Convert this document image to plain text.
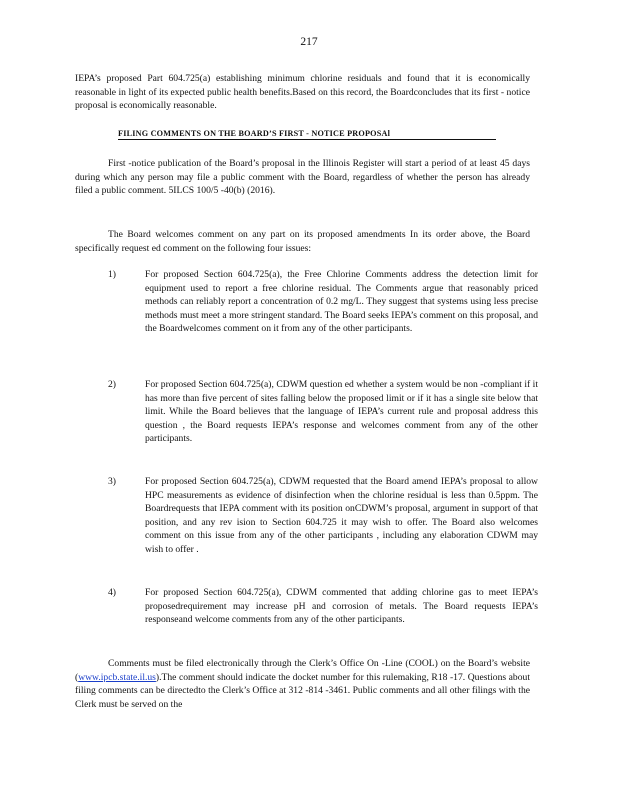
217
IEPA’s proposed Part 604.725(a) establishing minimum chlorine residuals and found that it is economically reasonable in light of its expected public health benefits.Based on this record, the Boardconcludes that its first - notice proposal is economically reasonable.
FILING COMMENTS ON THE BOARD’S FIRST - NOTICE PROPOSAl
First -notice publication of the Board’s proposal in the Illinois Register will start a period of at least 45 days during which any person may file a public comment with the Board, regardless of whether the person has already filed a public comment. 5ILCS 100/5 -40(b) (2016).
The Board welcomes comment on any part on its proposed amendments In its order above, the Board specifically request ed comment on the following four issues:
1)	For proposed Section 604.725(a), the Free Chlorine Comments address the detection limit for equipment used to report a free chlorine residual. The Comments argue that reasonably priced methods can reliably report a concentration of 0.2 mg/L. They suggest that systems using less precise methods must meet a more stringent standard. The Board seeks IEPA’s comment on this proposal, and the Boardwelcomes comment on it from any of the other participants.
2)	For proposed Section 604.725(a), CDWM question ed whether a system would be non -compliant if it has more than five percent of sites falling below the proposed limit or if it has a single site below that limit. While the Board believes that the language of IEPA’s current rule and proposal address this question , the Board requests IEPA’s response and welcomes comment from any of the other participants.
3)	For proposed Section 604.725(a), CDWM requested that the Board amend IEPA’s proposal to allow HPC measurements as evidence of disinfection when the chlorine residual is less than 0.5ppm. The Boardrequests that IEPA comment with its position onCDWM’s proposal, argument in support of that position, and any rev ision to Section 604.725 it may wish to offer. The Board also welcomes comment on this issue from any of the other participants , including any elaboration CDWM may wish to offer .
4)	For proposed Section 604.725(a), CDWM commented that adding chlorine gas to meet IEPA’s proposedrequirement may increase pH and corrosion of metals. The Board requests IEPA’s responseand welcome comments from any of the other participants.
Comments must be filed electronically through the Clerk’s Office On -Line (COOL) on the Board’s website (www.ipcb.state.il.us).The comment should indicate the docket number for this rulemaking, R18 -17. Questions about filing comments can be directedto the Clerk’s Office at 312 -814 -3461. Public comments and all other filings with the Clerk must be served on the
